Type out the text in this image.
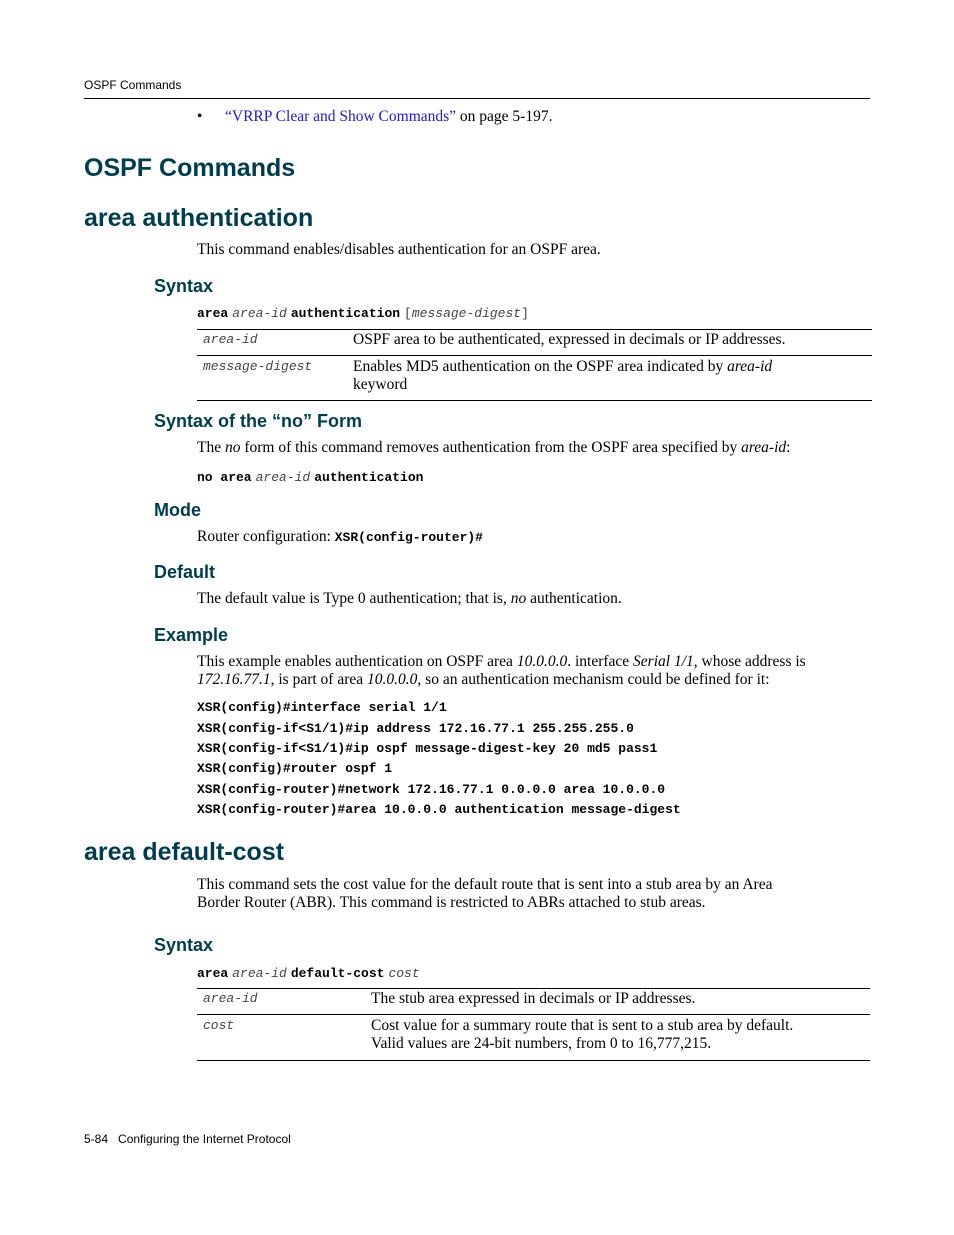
OSPF Commands
• “VRRP Clear and Show Commands” on page 5-197.
OSPF Commands
area authentication
This command enables/disables authentication for an OSPF area.
Syntax
area area-id authentication [message-digest]
area-id	OSPF area to be authenticated, expressed in decimals or IP addresses.
message-digest	Enables MD5 authentication on the OSPF area indicated by area-id
keyword
Syntax of the “no” Form
The no form of this command removes authentication from the OSPF area specified by area-id:
no area area-id authentication
Mode
Router configuration: XSR(config-router)#
Default
The default value is Type 0 authentication; that is, no authentication.
Example
This example enables authentication on OSPF area 10.0.0.0. interface Serial 1/1, whose address is
172.16.77.1, is part of area 10.0.0.0, so an authentication mechanism could be defined for it:
XSR(config)#interface serial 1/1
XSR(config-if<S1/1)#ip address 172.16.77.1 255.255.255.0
XSR(config-if<S1/1)#ip ospf message-digest-key 20 md5 pass1
XSR(config)#router ospf 1
XSR(config-router)#network 172.16.77.1 0.0.0.0 area 10.0.0.0
XSR(config-router)#area 10.0.0.0 authentication message-digest
area default-cost
This command sets the cost value for the default route that is sent into a stub area by an Area
Border Router (ABR). This command is restricted to ABRs attached to stub areas.
Syntax
area area-id default-cost cost
area-id	The stub area expressed in decimals or IP addresses.
cost	Cost value for a summary route that is sent to a stub area by default.
Valid values are 24-bit numbers, from 0 to 16,777,215.
5-84 Configuring the Internet Protocol
